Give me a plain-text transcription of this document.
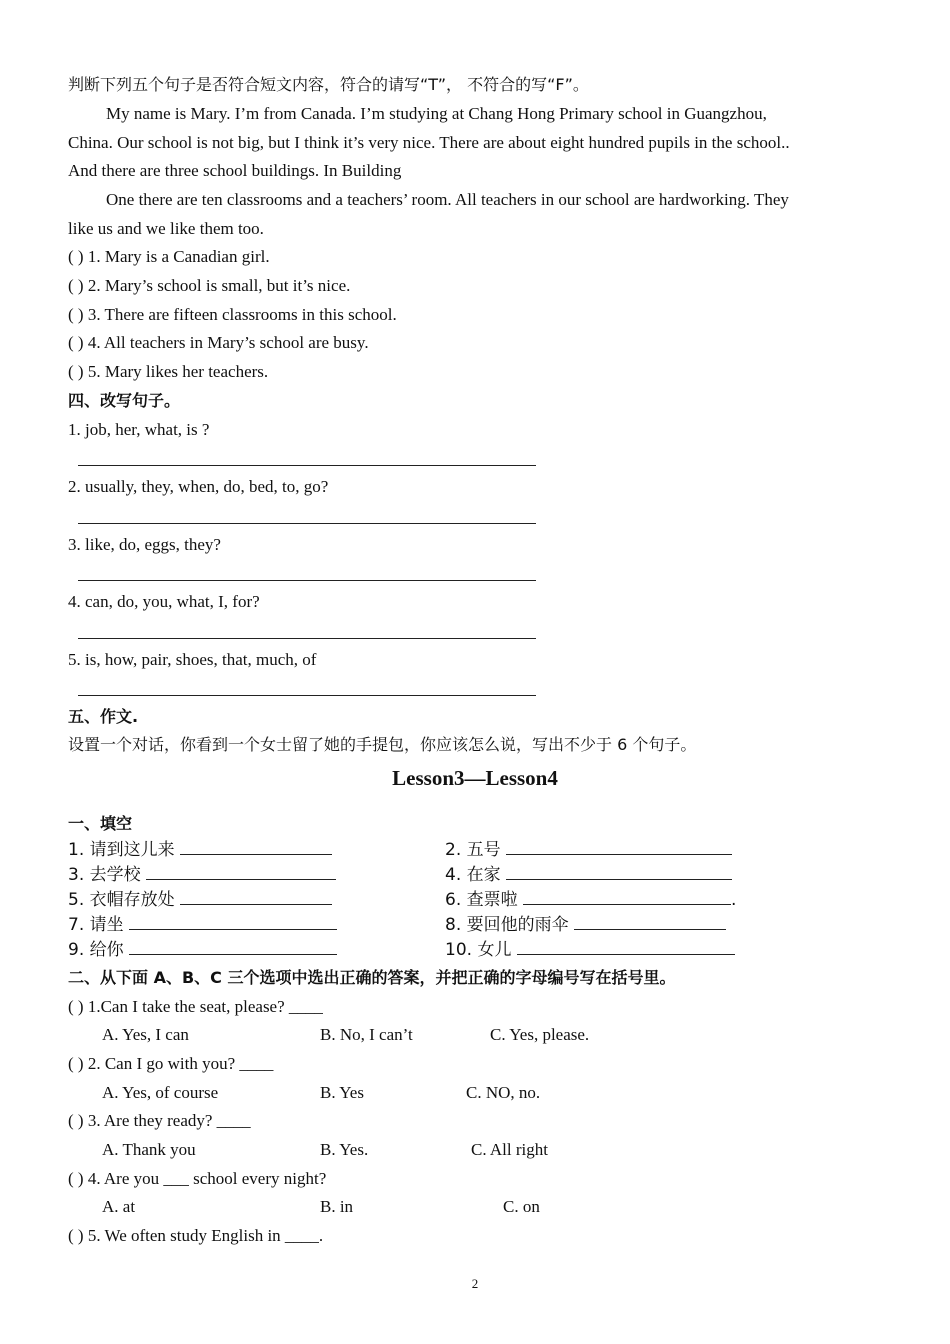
判断下列五个句子是否符合短文内容，符合的请写“T”， 不符合的写“F”。
My name is Mary. I’m from Canada. I’m studying at Chang Hong Primary school in Guangzhou,
China. Our school is not big, but I think it’s very nice. There are about eight hundred pupils in the school..
And there are three school buildings. In Building
One there are ten classrooms and a teachers’ room. All teachers in our school are hardworking. They
like us and we like them too.
( ) 1. Mary is a Canadian girl.
( ) 2. Mary’s school is small, but it’s nice.
( ) 3. There are fifteen classrooms in this school.
( ) 4. All teachers in Mary’s school are busy.
( ) 5. Mary likes her teachers.
四、改写句子。
1. job, her, what, is ?
2. usually, they, when, do, bed, to, go?
3. like, do, eggs, they?
4. can, do, you, what, I, for?
5. is, how, pair, shoes, that, much, of
五、作文.
设置一个对话，你看到一个女士留了她的手提包，你应该怎么说，写出不少于 6 个句子。
Lesson3—Lesson4
一、填空
1. 请到这儿来	2. 五号
3. 去学校	4. 在家
5. 衣帽存放处	6. 查票啦	.
7. 请坐	8. 要回他的雨伞
9. 给你	10. 女儿
二、从下面 A、B、C 三个选项中选出正确的答案，并把正确的字母编号写在括号里。
( ) 1.Can I take the seat, please? ____
A. Yes, I can	B. No, I can’t	C. Yes, please.
( ) 2. Can I go with you? ____
A. Yes, of course	B. Yes	C. NO, no.
( ) 3. Are they ready? ____
A. Thank you	B. Yes.	C. All right
( ) 4. Are you ___ school every night?
A. at	B. in	C. on
( ) 5. We often study English in ____.
2
